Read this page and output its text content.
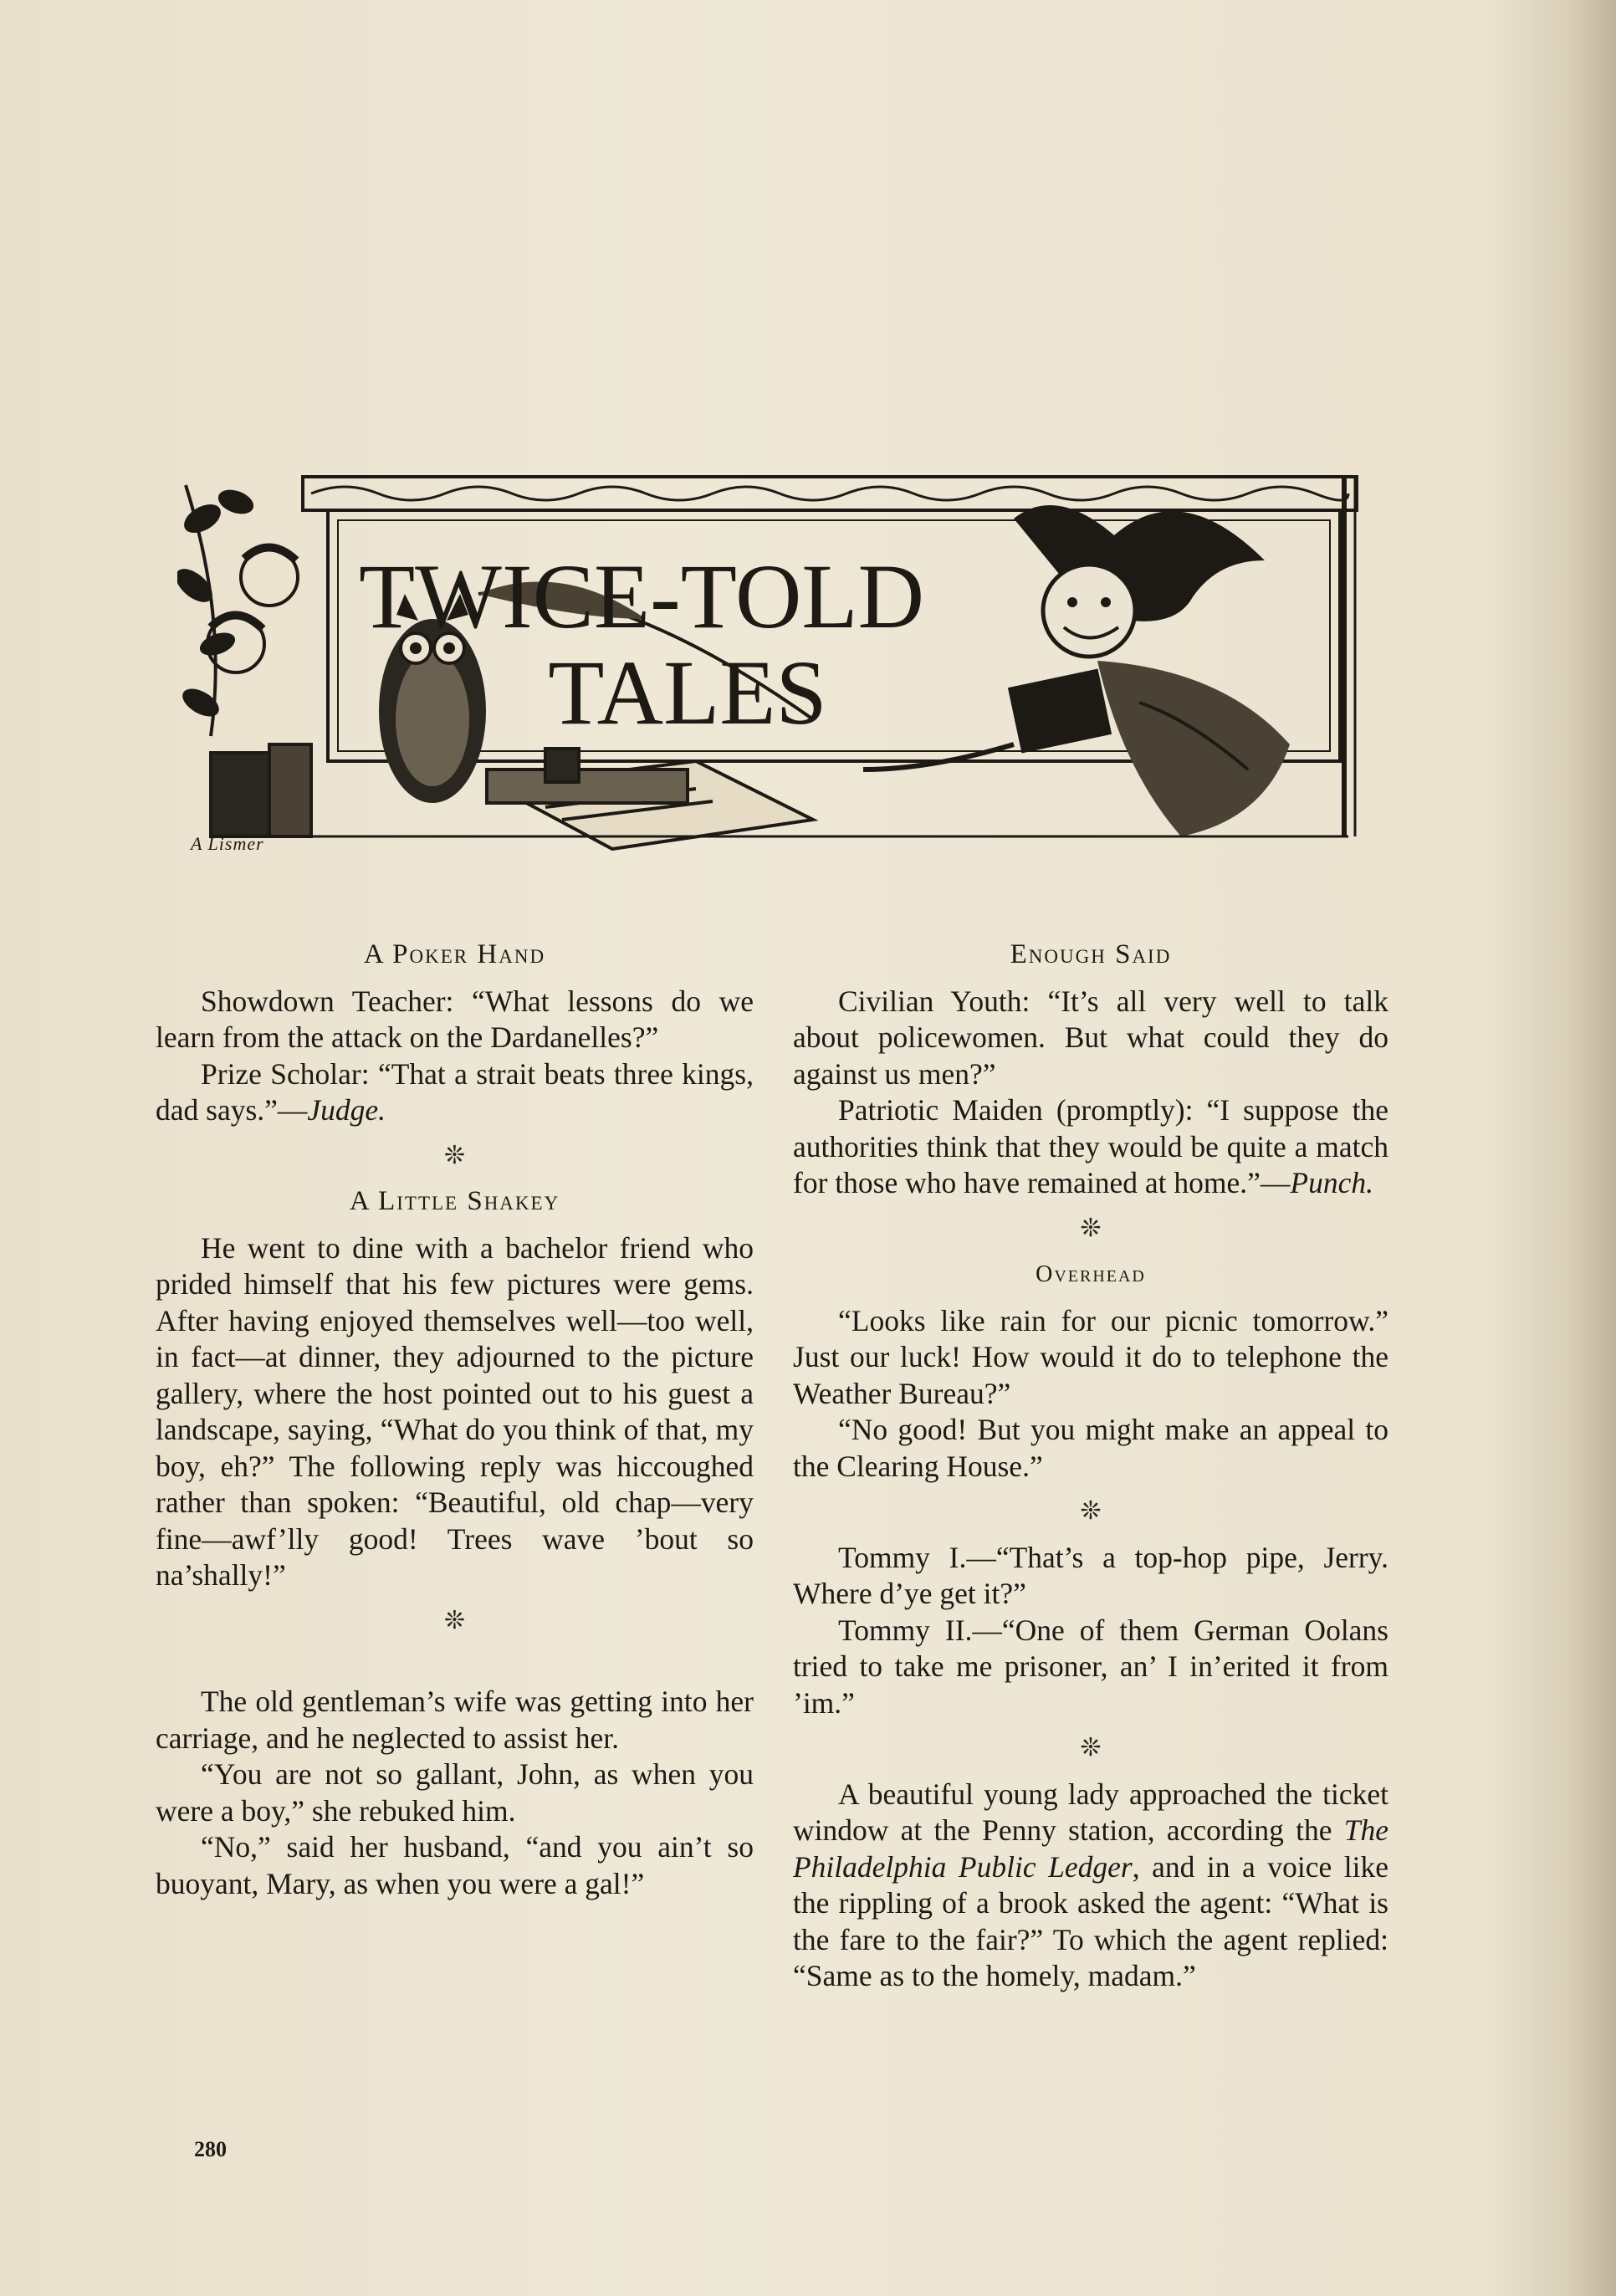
TWICE-TOLD
TALES
A Lismer
A Poker Hand

Showdown Teacher: “What lessons do we learn from the attack on the Dardanelles?”

Prize Scholar: “That a strait beats three kings, dad says.”—Judge.

❊
A Little Shakey

He went to dine with a bachelor friend who prided himself that his few pictures were gems. After having enjoyed themselves well—too well, in fact—at dinner, they adjourned to the picture gallery, where the host pointed out to his guest a landscape, saying, “What do you think of that, my boy, eh?” The following reply was hiccoughed rather than spoken: “Beautiful, old chap—very fine—awf’lly good! Trees wave ’bout so na’shally!”

❊

The old gentleman’s wife was getting into her carriage, and he neglected to assist her.

“You are not so gallant, John, as when you were a boy,” she rebuked him.

“No,” said her husband, “and you ain’t so buoyant, Mary, as when you were a gal!”

Enough Said

Civilian Youth: “It’s all very well to talk about policewomen. But what could they do against us men?”

Patriotic Maiden (promptly): “I suppose the authorities think that they would be quite a match for those who have remained at home.”—Punch.

❊
Overhead

“Looks like rain for our picnic tomorrow.” Just our luck! How would it do to telephone the Weather Bureau?”

“No good! But you might make an appeal to the Clearing House.”

❊

Tommy I.—“That’s a top-hop pipe, Jerry. Where d’ye get it?”

Tommy II.—“One of them German Oolans tried to take me prisoner, an’ I in’erited it from ’im.”

❊

A beautiful young lady approached the ticket window at the Penny station, according the The Philadelphia Public Ledger, and in a voice like the rippling of a brook asked the agent: “What is the fare to the fair?” To which the agent replied: “Same as to the homely, madam.”

280
